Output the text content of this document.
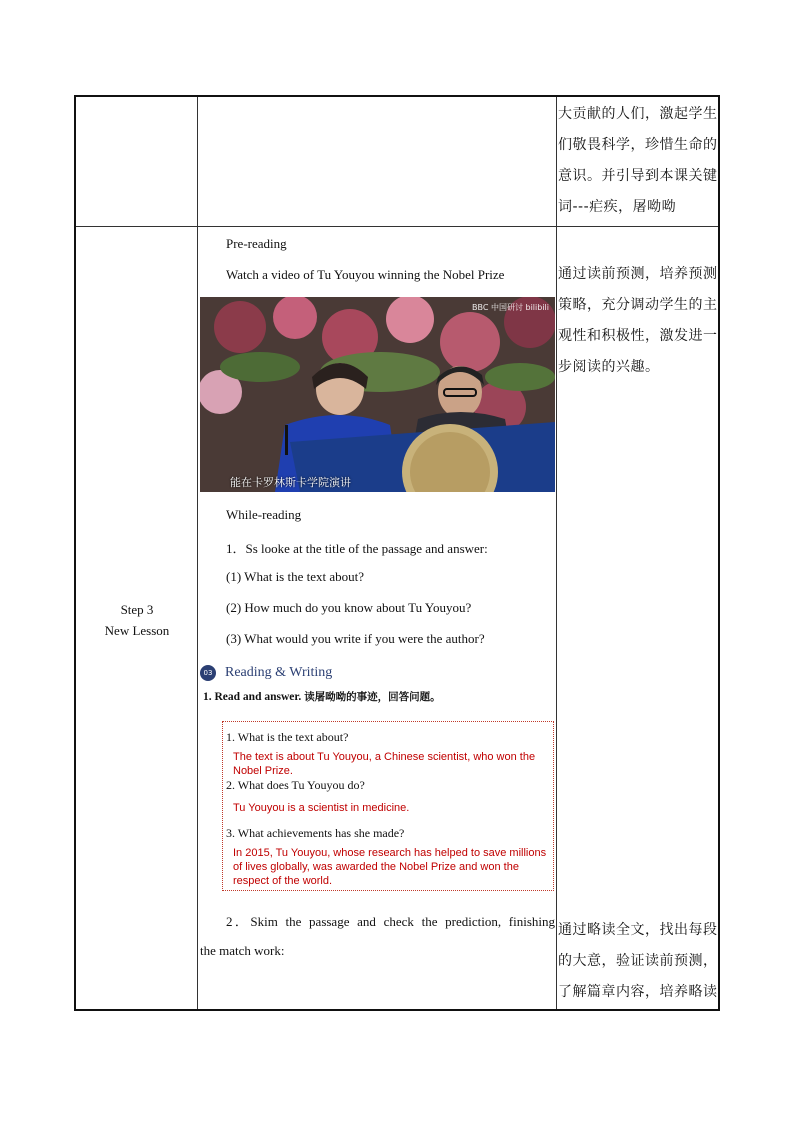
大贡献的人们，激起学生
们敬畏科学，珍惜生命的
意识。并引导到本课关键
词---疟疾，屠呦呦
Step 3
New Lesson
Pre-reading
Watch a video of Tu Youyou winning the Nobel Prize
BBC 中国研讨 bilibili
能在卡罗林斯卡学院演讲
While-reading
1．Ss looke at the title of the passage and answer:
(1) What is the text about?
(2) How much do you know about Tu Youyou?
(3) What would you write if you were the author?
03 Reading & Writing
1. Read and answer. 读屠呦呦的事迹，回答问题。
1. What is the text about?
The text is about Tu Youyou, a Chinese scientist, who won the Nobel Prize.
2. What does Tu Youyou do?
Tu Youyou is a scientist in medicine.
3. What achievements has she made?
In 2015, Tu Youyou, whose research has helped to save millions of lives globally, was awarded the Nobel Prize and won the respect of the world.
2．Skim the passage and check the prediction, finishing
the match work:
通过读前预测，培养预测
策略，充分调动学生的主
观性和积极性，激发进一
步阅读的兴趣。
通过略读全文，找出每段
的大意，验证读前预测，
了解篇章内容，培养略读
